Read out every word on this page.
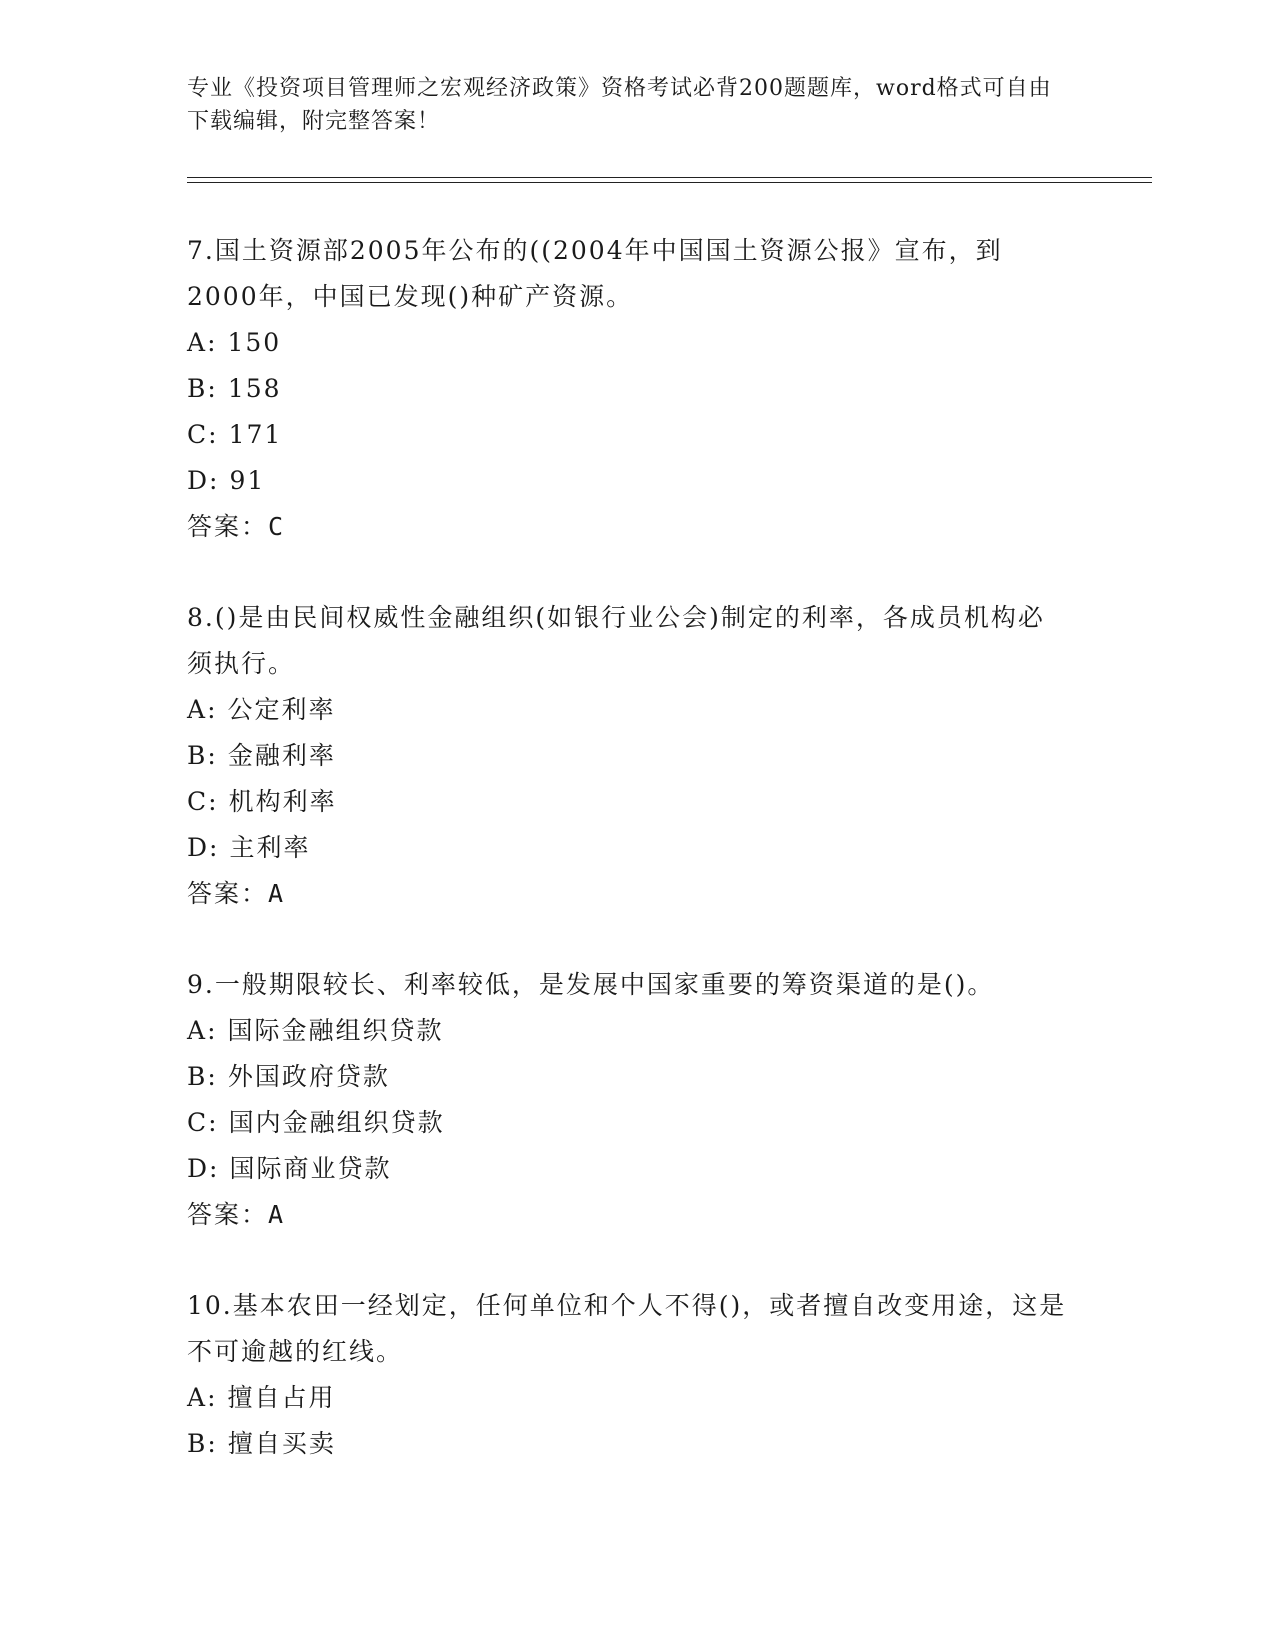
专业《投资项目管理师之宏观经济政策》资格考试必背200题题库，word格式可自由下载编辑，附完整答案！

7.国土资源部2005年公布的((2004年中国国土资源公报》宣布，到2000年，中国已发现()种矿产资源。

A: 150
B: 158
C: 171
D: 91
答案：C

8.()是由民间权威性金融组织(如银行业公会)制定的利率，各成员机构必须执行。

A: 公定利率
B: 金融利率
C: 机构利率
D: 主利率
答案：A

9.一般期限较长、利率较低，是发展中国家重要的筹资渠道的是()。

A: 国际金融组织贷款
B: 外国政府贷款
C: 国内金融组织贷款
D: 国际商业贷款
答案：A

10.基本农田一经划定，任何单位和个人不得()，或者擅自改变用途，这是不可逾越的红线。

A: 擅自占用
B: 擅自买卖
